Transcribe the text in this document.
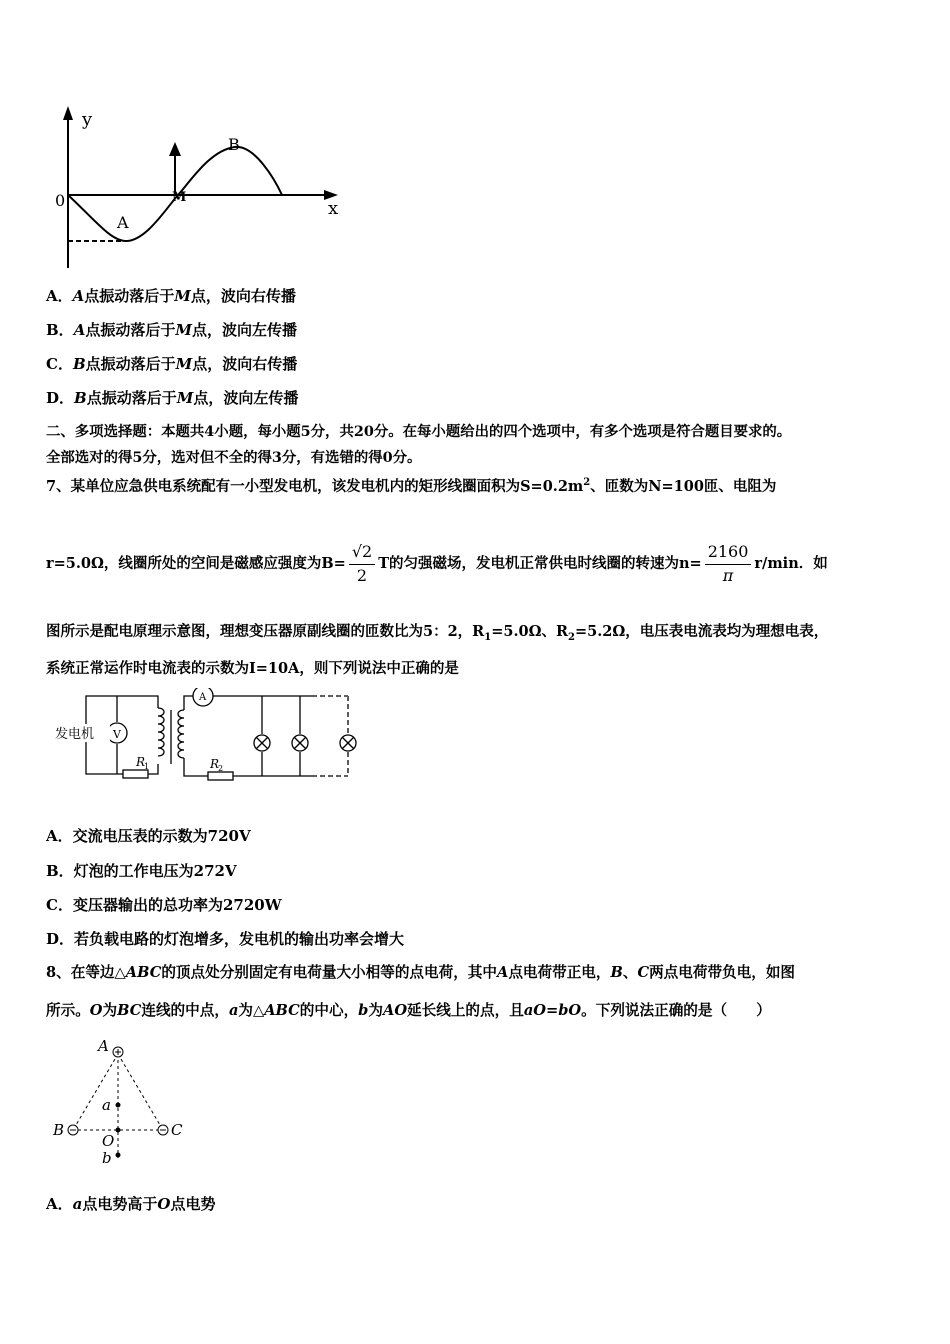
y
x
0
A
B
M
A．A点振动落后于M点，波向右传播
B．A点振动落后于M点，波向左传播
C．B点振动落后于M点，波向右传播
D．B点振动落后于M点，波向左传播
二、多项选择题：本题共4小题，每小题5分，共20分。在每小题给出的四个选项中，有多个选项是符合题目要求的。
全部选对的得5分，选对但不全的得3分，有选错的得0分。
7、某单位应急供电系统配有一小型发电机，该发电机内的矩形线圈面积为$S=0.2m^2$、匝数为N=100匝、电阻为
r=5.0Ω，线圈所处的空间是磁感应强度为$B= \frac{√2}{2}$ T的匀强磁场，发电机正常供电时线圈的转速为$n= \frac{2160}{\pi} r/\min$．如
图所示是配电原理示意图，理想变压器原副线圈的匝数比为5：2，$R_1=5.0\Omega$、$R_2=5.2\Omega$，电压表电流表均为理想电表，
系统正常运作时电流表的示数为I=10A，则下列说法中正确的是
发电机 V
A
R
1	R
2
A．交流电压表的示数为720V
B．灯泡的工作电压为272V
C．变压器输出的总功率为2720W
D．若负载电路的灯泡增多，发电机的输出功率会增大
8、在等边△ABC的顶点处分别固定有电荷量大小相等的点电荷，其中A点电荷带正电，B、C两点电荷带负电，如图
所示。O为BC连线的中点，a为△ABC的中心，b为AO延长线上的点，且aO=bO。下列说法正确的是（　　）
A
B	C
O
a
b
A．a点电势高于O点电势
